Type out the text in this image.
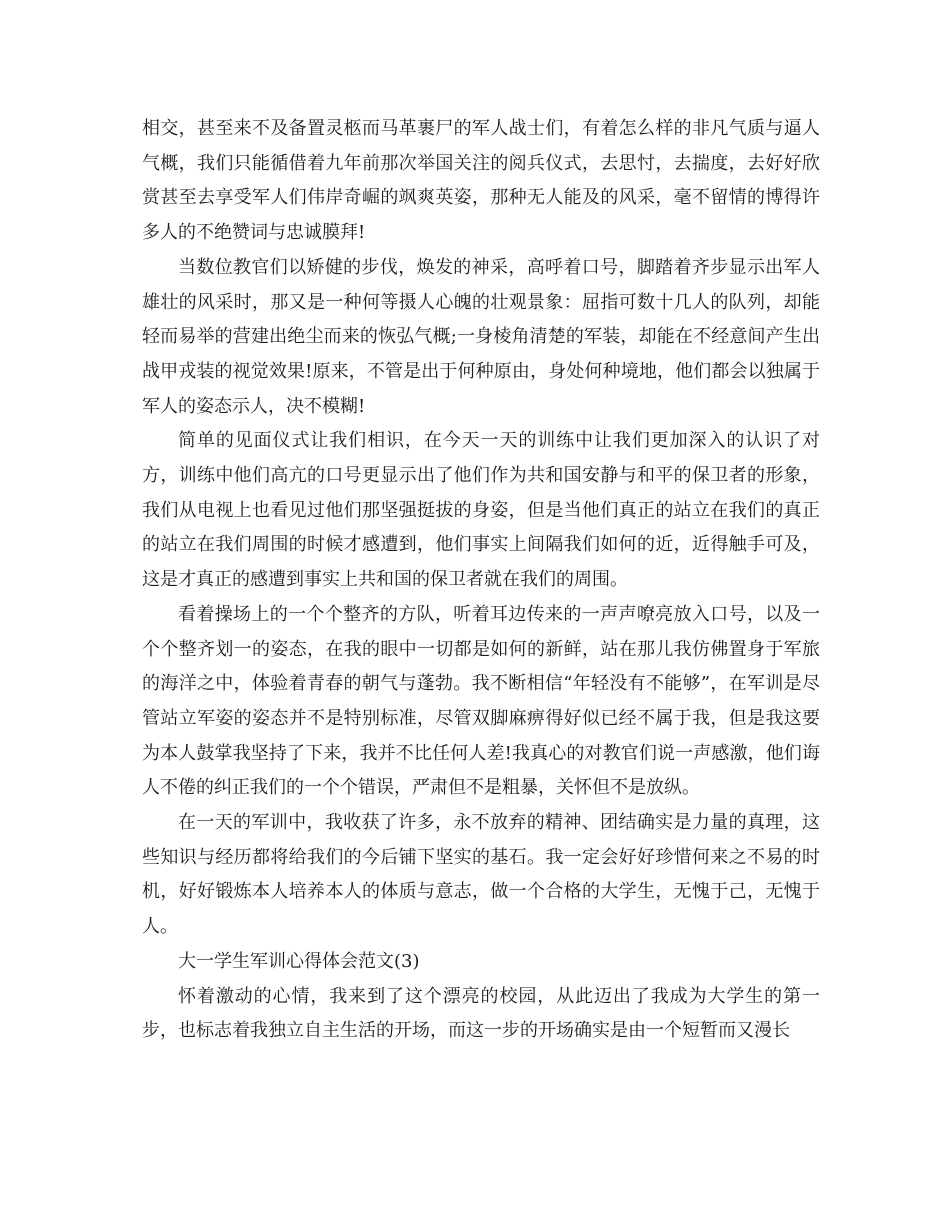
相交，甚至来不及备置灵柩而马革裹尸的军人战士们，有着怎么样的非凡气质与逼人气概，我们只能循借着九年前那次举国关注的阅兵仪式，去思忖，去揣度，去好好欣赏甚至去享受军人们伟岸奇崛的飒爽英姿，那种无人能及的风采，毫不留情的博得许多人的不绝赞词与忠诚膜拜!

当数位教官们以矫健的步伐，焕发的神采，高呼着口号，脚踏着齐步显示出军人雄壮的风采时，那又是一种何等摄人心魄的壮观景象：屈指可数十几人的队列，却能轻而易举的营建出绝尘而来的恢弘气概;一身棱角清楚的军装，却能在不经意间产生出战甲戎装的视觉效果!原来，不管是出于何种原由，身处何种境地，他们都会以独属于军人的姿态示人，决不模糊!

简单的见面仪式让我们相识，在今天一天的训练中让我们更加深入的认识了对方，训练中他们高亢的口号更显示出了他们作为共和国安静与和平的保卫者的形象，我们从电视上也看见过他们那坚强挺拔的身姿，但是当他们真正的站立在我们的真正的站立在我们周围的时候才感遭到，他们事实上间隔我们如何的近，近得触手可及，这是才真正的感遭到事实上共和国的保卫者就在我们的周围。

看着操场上的一个个整齐的方队，听着耳边传来的一声声嘹亮放入口号，以及一个个整齐划一的姿态，在我的眼中一切都是如何的新鲜，站在那儿我仿佛置身于军旅的海洋之中，体验着青春的朝气与蓬勃。我不断相信“年轻没有不能够”，在军训是尽管站立军姿的姿态并不是特别标准，尽管双脚麻痹得好似已经不属于我，但是我这要为本人鼓掌我坚持了下来，我并不比任何人差!我真心的对教官们说一声感激，他们诲人不倦的纠正我们的一个个错误，严肃但不是粗暴，关怀但不是放纵。

在一天的军训中，我收获了许多，永不放弃的精神、团结确实是力量的真理，这些知识与经历都将给我们的今后铺下坚实的基石。我一定会好好珍惜何来之不易的时机，好好锻炼本人培养本人的体质与意志，做一个合格的大学生，无愧于己，无愧于人。

大一学生军训心得体会范文(3)

怀着激动的心情，我来到了这个漂亮的校园，从此迈出了我成为大学生的第一步，也标志着我独立自主生活的开场，而这一步的开场确实是由一个短暂而又漫长
